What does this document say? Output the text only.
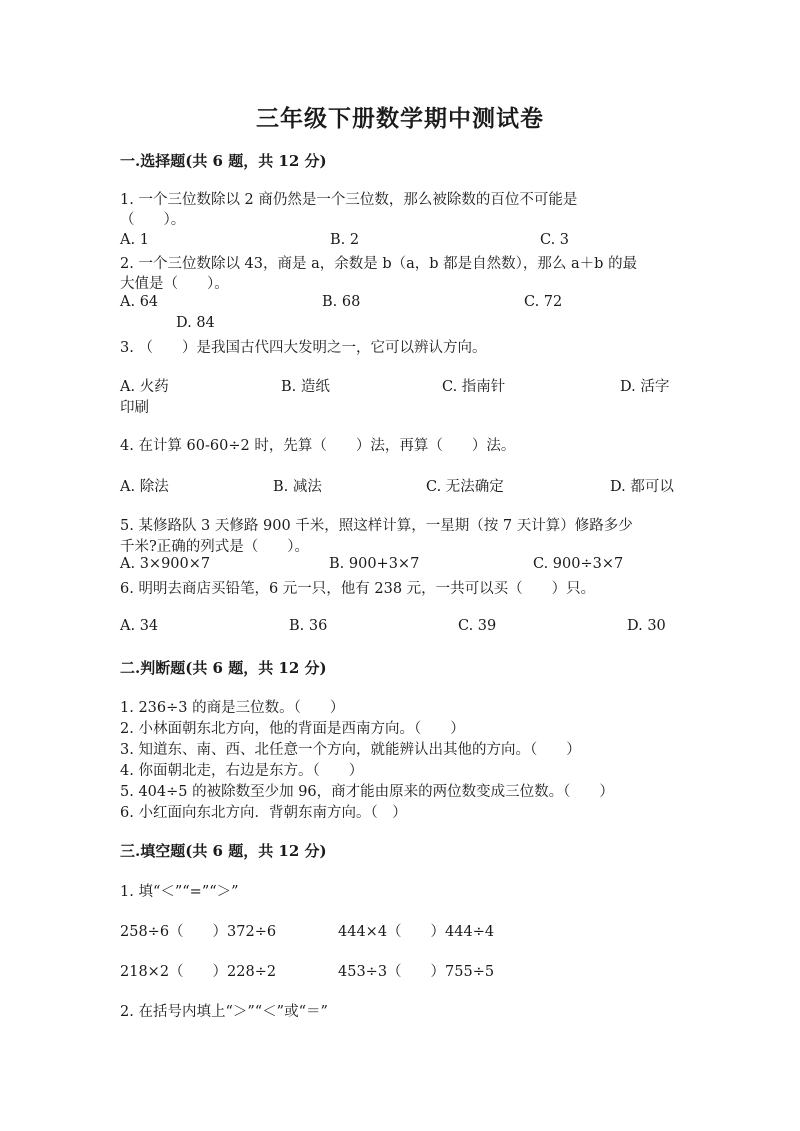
三年级下册数学期中测试卷
一.选择题(共 6 题，共 12 分)
1. 一个三位数除以 2 商仍然是一个三位数，那么被除数的百位不可能是
（　　）。
A. 1	B. 2	C. 3
2. 一个三位数除以 43，商是 a，余数是 b（a，b 都是自然数），那么 a＋b 的最
大值是（　　）。
A. 64	B. 68	C. 72
D. 84
3. （　　）是我国古代四大发明之一，它可以辨认方向。
A. 火药	B. 造纸	C. 指南针	D. 活字
印刷
4. 在计算 60-60÷2 时，先算（　　）法，再算（　　）法。
A. 除法	B. 减法	C. 无法确定	D. 都可以
5. 某修路队 3 天修路 900 千米，照这样计算，一星期（按 7 天计算）修路多少
千米?正确的列式是（　　）。
A. 3×900×7	B. 900+3×7	C. 900÷3×7
6. 明明去商店买铅笔，6 元一只，他有 238 元，一共可以买（　　）只。
A. 34	B. 36	C. 39	D. 30
二.判断题(共 6 题，共 12 分)
1. 236÷3 的商是三位数。（　　）
2. 小林面朝东北方向，他的背面是西南方向。（　　）
3. 知道东、南、西、北任意一个方向，就能辨认出其他的方向。（　　）
4. 你面朝北走，右边是东方。（　　）
5. 404÷5 的被除数至少加 96，商才能由原来的两位数变成三位数。（　　）
6. 小红面向东北方向．背朝东南方向。（　）
三.填空题(共 6 题，共 12 分)
1. 填“＜”“=”“＞”
258÷6（　　）372÷6	444×4（　　）444÷4
218×2（　　）228÷2	453÷3（　　）755÷5
2. 在括号内填上“＞”“＜”或“＝”
